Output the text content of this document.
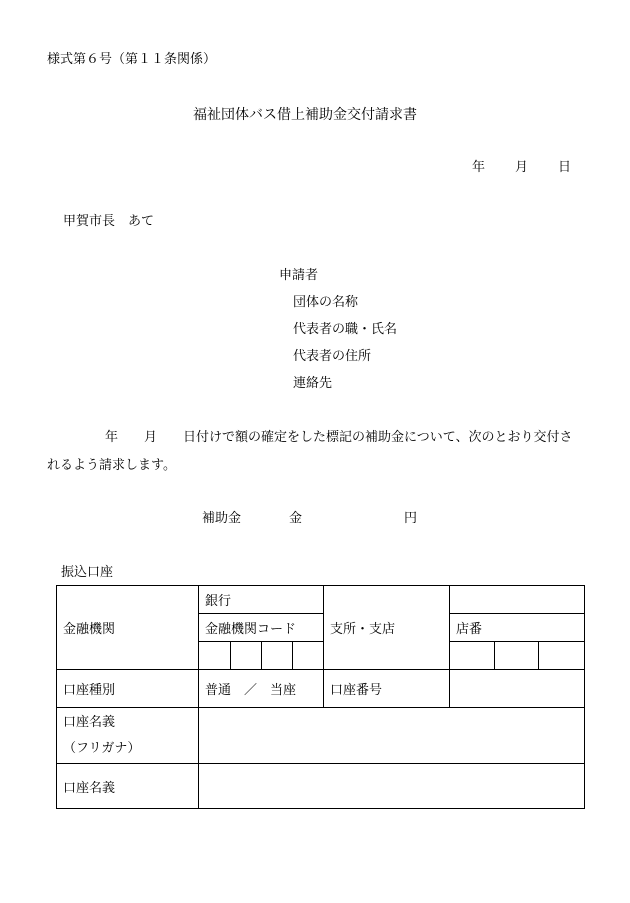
様式第６号（第１１条関係）
福祉団体バス借上補助金交付請求書
年 月 日
甲賀市長　あて
申請者
団体の名称
代表者の職・氏名
代表者の住所
連絡先
年　　月　　日付けで額の確定をした標記の補助金について、次のとおり交付されるよう請求します。
補助金	金	円
振込口座
金融機関	銀行				支所・支店			
	金融機関コード					店番		

口座種別	普通　／　当座				口座番号			

口座名義
（フリガナ）								

口座名義								
